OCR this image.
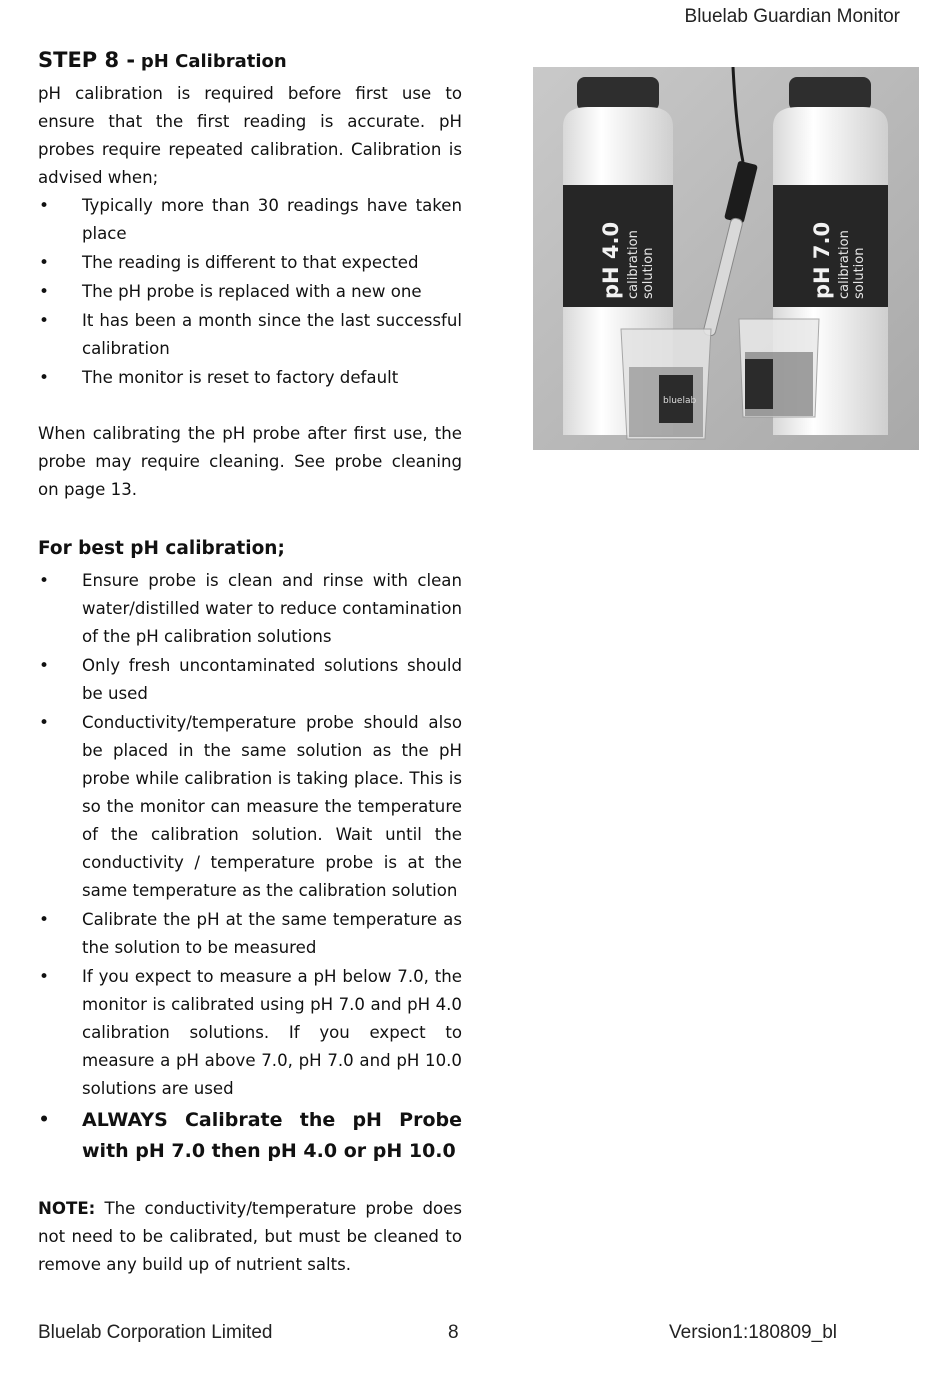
Bluelab Guardian Monitor
STEP 8 - pH Calibration

pH calibration is required before first use to ensure that the first reading is accurate. pH probes require repeated calibration. Calibration is advised when;

• Typically more than 30 readings have taken place
• The reading is different to that expected
• The pH probe is replaced with a new one
• It has been a month since the last successful calibration
• The monitor is reset to factory default

When calibrating the pH probe after first use, the probe may require cleaning. See probe cleaning on page 13.

For best pH calibration;
• Ensure probe is clean and rinse with clean water/distilled water to reduce contamination of the pH calibration solutions
• Only fresh uncontaminated solutions should be used
• Conductivity/temperature probe should also be placed in the same solution as the pH probe while calibration is taking place. This is so the monitor can measure the temperature of the calibration solution. Wait until the conductivity / temperature probe is at the same temperature as the calibration solution
• Calibrate the pH at the same temperature as the solution to be measured
• If you expect to measure a pH below 7.0, the monitor is calibrated using pH 7.0 and pH 4.0 calibration solutions. If you expect to measure a pH above 7.0, pH 7.0 and pH 10.0 solutions are used
• ALWAYS Calibrate the pH Probe with pH 7.0 then pH 4.0 or pH 10.0

NOTE: The conductivity/temperature probe does not need to be calibrated, but must be cleaned to remove any build up of nutrient salts.

pH 4.0 calibration solution	pH 7.0 calibration solution
bluelab
Bluelab Corporation Limited	8	Version1:180809_bl
